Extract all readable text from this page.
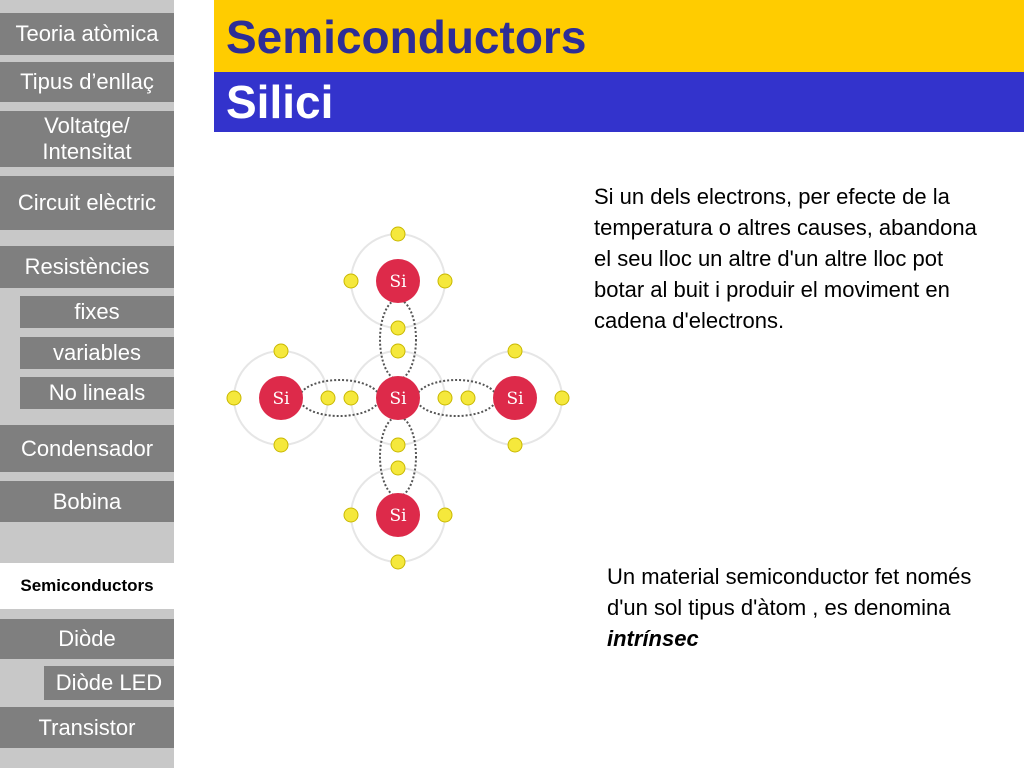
Teoria atòmica
Tipus d’enllaç
Voltatge/ Intensitat
Circuit elèctric
Resistències
fixes
variables
No lineals
Condensador
Bobina
Semiconductors
Diòde
Diòde LED
Transistor
Semiconductors
Silici
Si
Si	Si	Si
Si

Si un dels electrons, per efecte de la temperatura o altres causes, abandona el seu lloc un altre d'un altre lloc pot botar al buit i produir el moviment en cadena d'electrons.

Un material semiconductor fet només d'un sol tipus d'àtom , es denomina intrínsec
